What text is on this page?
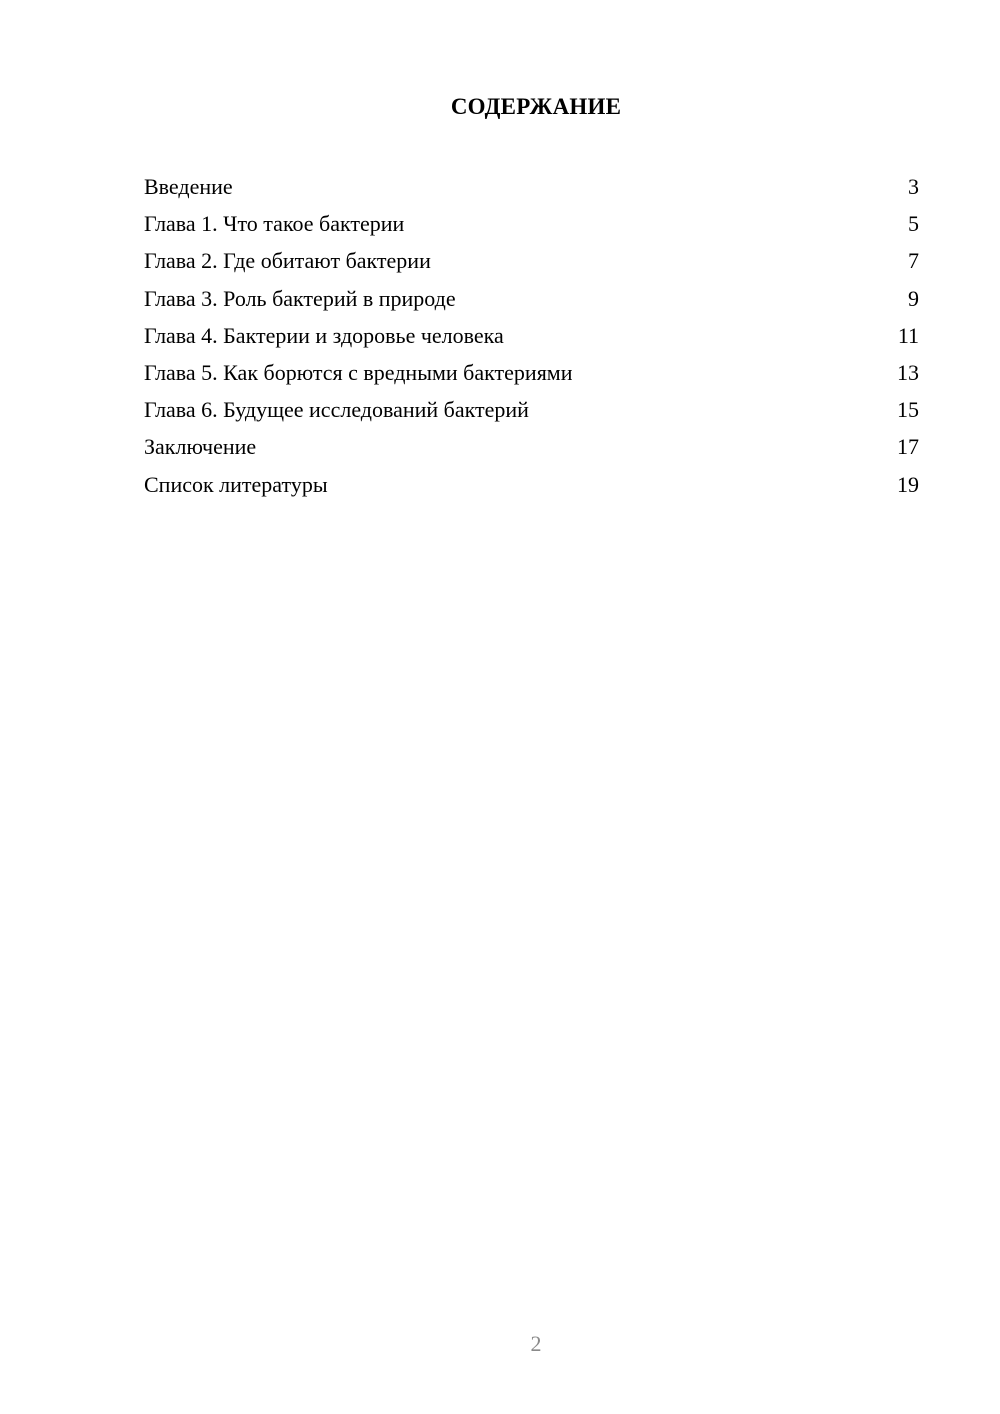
СОДЕРЖАНИЕ
Введение	3
Глава 1. Что такое бактерии	5
Глава 2. Где обитают бактерии	7
Глава 3. Роль бактерий в природе	9
Глава 4. Бактерии и здоровье человека	11
Глава 5. Как борются с вредными бактериями	13
Глава 6. Будущее исследований бактерий	15
Заключение	17
Список литературы	19
2
